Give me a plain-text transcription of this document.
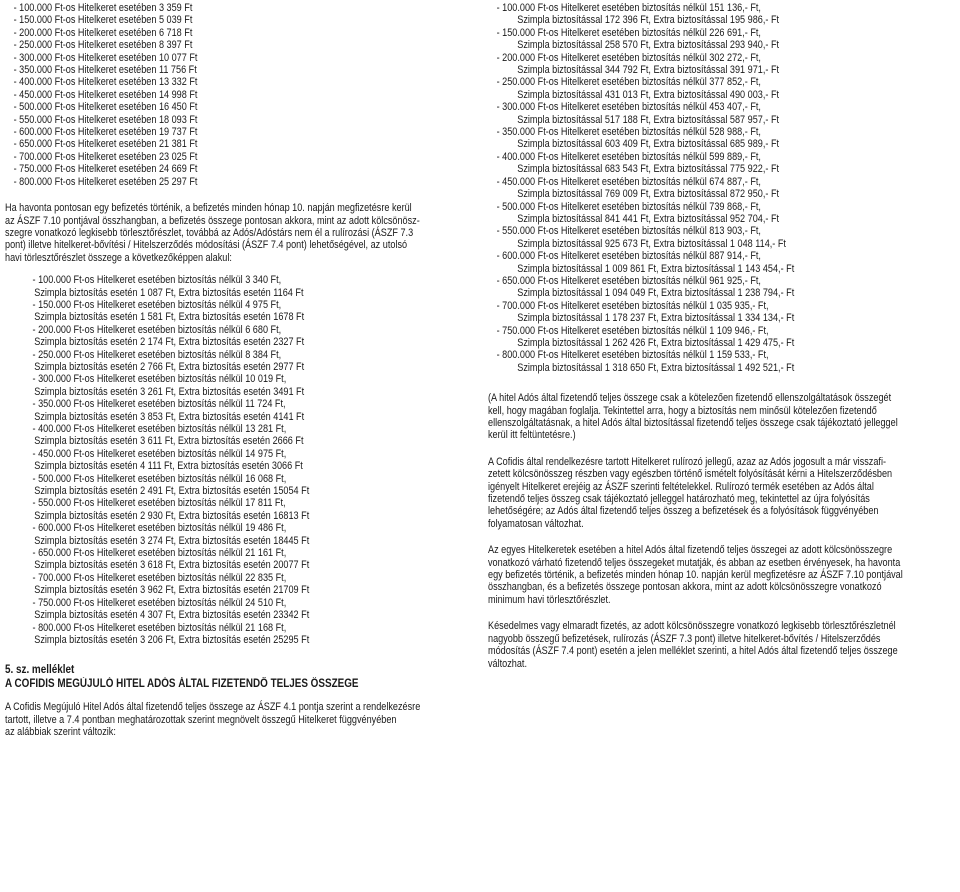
- 100.000 Ft-os Hitelkeret esetében 3 359 Ft
- 150.000 Ft-os Hitelkeret esetében 5 039 Ft
- 200.000 Ft-os Hitelkeret esetében 6 718 Ft
- 250.000 Ft-os Hitelkeret esetében 8 397 Ft
- 300.000 Ft-os Hitelkeret esetében 10 077 Ft
- 350.000 Ft-os Hitelkeret esetében 11 756 Ft
- 400.000 Ft-os Hitelkeret esetében 13 332 Ft
- 450.000 Ft-os Hitelkeret esetében 14 998 Ft
- 500.000 Ft-os Hitelkeret esetében 16 450 Ft
- 550.000 Ft-os Hitelkeret esetében 18 093 Ft
- 600.000 Ft-os Hitelkeret esetében 19 737 Ft
- 650.000 Ft-os Hitelkeret esetében 21 381 Ft
- 700.000 Ft-os Hitelkeret esetében 23 025 Ft
- 750.000 Ft-os Hitelkeret esetében 24 669 Ft
- 800.000 Ft-os Hitelkeret esetében 25 297 Ft
Ha havonta pontosan egy befizetés történik, a befizetés minden hónap 10. napján megfizetésre kerül
az ÁSZF 7.10 pontjával összhangban, a befizetés összege pontosan akkora, mint az adott kölcsönösz-
szegre vonatkozó legkisebb törlesztőrészlet, továbbá az Adós/Adóstárs nem él a rulírozási (ÁSZF 7.3
pont) illetve hitelkeret-bővítési / Hitelszerződés módosítási (ÁSZF 7.4 pont) lehetőségével, az utolsó
havi törlesztőrészlet összege a következőképpen alakul:
- 100.000 Ft-os Hitelkeret esetében biztosítás nélkül 3 340 Ft,
Szimpla biztosítás esetén 1 087 Ft, Extra biztosítás esetén 1164 Ft
- 150.000 Ft-os Hitelkeret esetében biztosítás nélkül 4 975 Ft,
Szimpla biztosítás esetén 1 581 Ft, Extra biztosítás esetén 1678 Ft
- 200.000 Ft-os Hitelkeret esetében biztosítás nélkül 6 680 Ft,
Szimpla biztosítás esetén 2 174 Ft, Extra biztosítás esetén 2327 Ft
- 250.000 Ft-os Hitelkeret esetében biztosítás nélkül 8 384 Ft,
Szimpla biztosítás esetén 2 766 Ft, Extra biztosítás esetén 2977 Ft
- 300.000 Ft-os Hitelkeret esetében biztosítás nélkül 10 019 Ft,
Szimpla biztosítás esetén 3 261 Ft, Extra biztosítás esetén 3491 Ft
- 350.000 Ft-os Hitelkeret esetében biztosítás nélkül 11 724 Ft,
Szimpla biztosítás esetén 3 853 Ft, Extra biztosítás esetén 4141 Ft
- 400.000 Ft-os Hitelkeret esetében biztosítás nélkül 13 281 Ft,
Szimpla biztosítás esetén 3 611 Ft, Extra biztosítás esetén 2666 Ft
- 450.000 Ft-os Hitelkeret esetében biztosítás nélkül 14 975 Ft,
Szimpla biztosítás esetén 4 111 Ft, Extra biztosítás esetén 3066 Ft
- 500.000 Ft-os Hitelkeret esetében biztosítás nélkül 16 068 Ft,
Szimpla biztosítás esetén 2 491 Ft, Extra biztosítás esetén 15054 Ft
- 550.000 Ft-os Hitelkeret esetében biztosítás nélkül 17 811 Ft,
Szimpla biztosítás esetén 2 930 Ft, Extra biztosítás esetén 16813 Ft
- 600.000 Ft-os Hitelkeret esetében biztosítás nélkül 19 486 Ft,
Szimpla biztosítás esetén 3 274 Ft, Extra biztosítás esetén 18445 Ft
- 650.000 Ft-os Hitelkeret esetében biztosítás nélkül 21 161 Ft,
Szimpla biztosítás esetén 3 618 Ft, Extra biztosítás esetén 20077 Ft
- 700.000 Ft-os Hitelkeret esetében biztosítás nélkül 22 835 Ft,
Szimpla biztosítás esetén 3 962 Ft, Extra biztosítás esetén 21709 Ft
- 750.000 Ft-os Hitelkeret esetében biztosítás nélkül 24 510 Ft,
Szimpla biztosítás esetén 4 307 Ft, Extra biztosítás esetén 23342 Ft
- 800.000 Ft-os Hitelkeret esetében biztosítás nélkül 21 168 Ft,
Szimpla biztosítás esetén 3 206 Ft, Extra biztosítás esetén 25295 Ft
5. sz. melléklet
A COFIDIS MEGÚJULÓ HITEL ADÓS ÁLTAL FIZETENDŐ TELJES ÖSSZEGE
A Cofidis Megújuló Hitel Adós által fizetendő teljes összege az ÁSZF 4.1 pontja szerint a rendelkezésre
tartott, illetve a 7.4 pontban meghatározottak szerint megnövelt összegű Hitelkeret függvényében
az alábbiak szerint változik:
- 100.000 Ft-os Hitelkeret esetében biztosítás nélkül 151 136,- Ft,
Szimpla biztosítással 172 396 Ft, Extra biztosítással 195 986,- Ft
- 150.000 Ft-os Hitelkeret esetében biztosítás nélkül 226 691,- Ft,
Szimpla biztosítással 258 570 Ft, Extra biztosítással 293 940,- Ft
- 200.000 Ft-os Hitelkeret esetében biztosítás nélkül 302 272,- Ft,
Szimpla biztosítással 344 792 Ft, Extra biztosítással 391 971,- Ft
- 250.000 Ft-os Hitelkeret esetében biztosítás nélkül 377 852,- Ft,
Szimpla biztosítással 431 013 Ft, Extra biztosítással 490 003,- Ft
- 300.000 Ft-os Hitelkeret esetében biztosítás nélkül 453 407,- Ft,
Szimpla biztosítással 517 188 Ft, Extra biztosítással 587 957,- Ft
- 350.000 Ft-os Hitelkeret esetében biztosítás nélkül 528 988,- Ft,
Szimpla biztosítással 603 409 Ft, Extra biztosítással 685 989,- Ft
- 400.000 Ft-os Hitelkeret esetében biztosítás nélkül 599 889,- Ft,
Szimpla biztosítással 683 543 Ft, Extra biztosítással 775 922,- Ft
- 450.000 Ft-os Hitelkeret esetében biztosítás nélkül 674 887,- Ft,
Szimpla biztosítással 769 009 Ft, Extra biztosítással 872 950,- Ft
- 500.000 Ft-os Hitelkeret esetében biztosítás nélkül 739 868,- Ft,
Szimpla biztosítással 841 441 Ft, Extra biztosítással 952 704,- Ft
- 550.000 Ft-os Hitelkeret esetében biztosítás nélkül 813 903,- Ft,
Szimpla biztosítással 925 673 Ft, Extra biztosítással 1 048 114,- Ft
- 600.000 Ft-os Hitelkeret esetében biztosítás nélkül 887 914,- Ft,
Szimpla biztosítással 1 009 861 Ft, Extra biztosítással 1 143 454,- Ft
- 650.000 Ft-os Hitelkeret esetében biztosítás nélkül 961 925,- Ft,
Szimpla biztosítással 1 094 049 Ft, Extra biztosítással 1 238 794,- Ft
- 700.000 Ft-os Hitelkeret esetében biztosítás nélkül 1 035 935,- Ft,
Szimpla biztosítással 1 178 237 Ft, Extra biztosítással 1 334 134,- Ft
- 750.000 Ft-os Hitelkeret esetében biztosítás nélkül 1 109 946,- Ft,
Szimpla biztosítással 1 262 426 Ft, Extra biztosítással 1 429 475,- Ft
- 800.000 Ft-os Hitelkeret esetében biztosítás nélkül 1 159 533,- Ft,
Szimpla biztosítással 1 318 650 Ft, Extra biztosítással 1 492 521,- Ft
(A hitel Adós által fizetendő teljes összege csak a kötelezően fizetendő ellenszolgáltatások összegét
kell, hogy magában foglalja. Tekintettel arra, hogy a biztosítás nem minősül kötelezően fizetendő
ellenszolgáltatásnak, a hitel Adós által biztosítással fizetendő teljes összege csak tájékoztató jelleggel
kerül itt feltüntetésre.)
A Cofidis által rendelkezésre tartott Hitelkeret rulírozó jellegű, azaz az Adós jogosult a már visszafi-
zetett kölcsönösszeg részben vagy egészben történő ismételt folyósítását kérni a Hitelszerződésben
igényelt Hitelkeret erejéig az ÁSZF szerinti feltételekkel. Rulírozó termék esetében az Adós által
fizetendő teljes összeg csak tájékoztató jelleggel határozható meg, tekintettel az újra folyósítás
lehetőségére; az Adós által fizetendő teljes összeg a befizetések és a folyósítások függvényében
folyamatosan változhat.
Az egyes Hitelkeretek esetében a hitel Adós által fizetendő teljes összegei az adott kölcsönösszegre
vonatkozó várható fizetendő teljes összegeket mutatják, és abban az esetben érvényesek, ha havonta
egy befizetés történik, a befizetés minden hónap 10. napján kerül megfizetésre az ÁSZF 7.10 pontjával
összhangban, és a befizetés összege pontosan akkora, mint az adott kölcsönösszegre vonatkozó
minimum havi törlesztőrészlet.
Késedelmes vagy elmaradt fizetés, az adott kölcsönösszegre vonatkozó legkisebb törlesztőrészletnél
nagyobb összegű befizetések, rulírozás (ÁSZF 7.3 pont) illetve hitelkeret-bővítés / Hitelszerződés
módosítás (ÁSZF 7.4 pont) esetén a jelen melléklet szerinti, a hitel Adós által fizetendő teljes összege
változhat.
